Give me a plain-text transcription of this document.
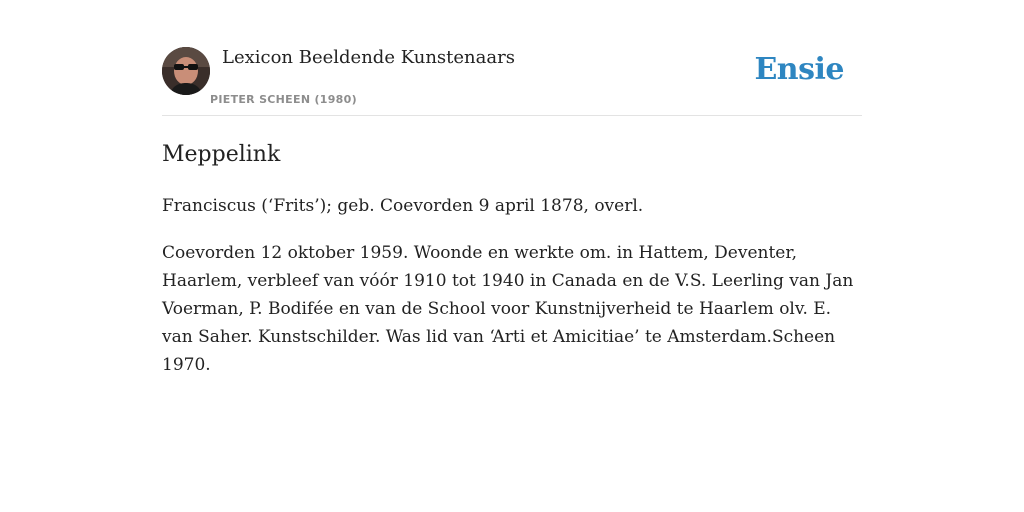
Lexicon Beeldende Kunstenaars
PIETER SCHEEN (1980)
Ensie
Meppelink

Franciscus (‘Frits’); geb. Coevorden 9 april 1878, overl.

Coevorden 12 oktober 1959. Woonde en werkte om. in Hattem, Deventer, Haarlem, verbleef van vóór 1910 tot 1940 in Canada en de V.S. Leerling van Jan Voerman, P. Bodifée en van de School voor Kunstnijverheid te Haarlem olv. E. van Saher. Kunstschilder. Was lid van ‘Arti et Amicitiae’ te Amsterdam.Scheen 1970.
